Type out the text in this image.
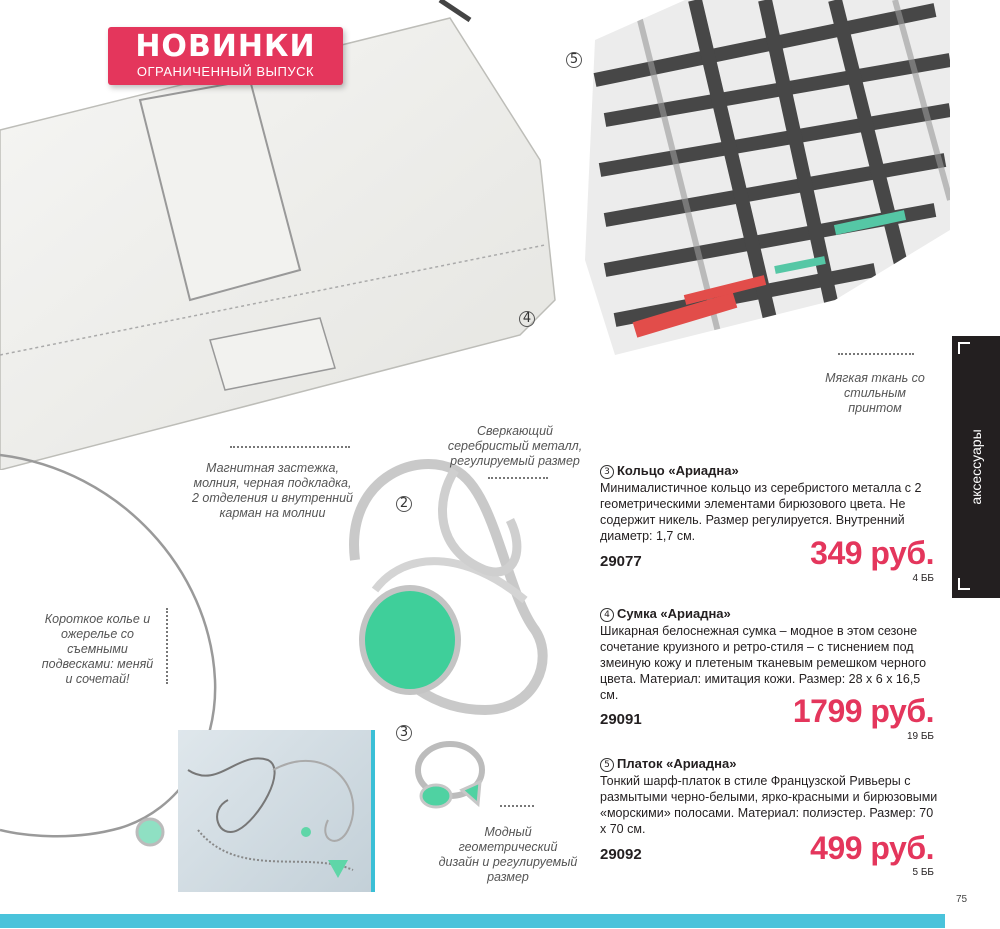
НОВИНКИ
ОГРАНИЧЕННЫЙ ВЫПУСК
5
4
2
3
Магнитная застежка, молния, черная подкладка, 2 отделения и внутренний карман на молнии
Сверкающий серебристый металл, регулируемый размер
Мягкая ткань со стильным принтом
Короткое колье и ожерелье со съемными подвесками: меняй и сочетай!
Модный геометрический дизайн и регулируемый размер
3 Кольцо «Ариадна»
Минималистичное кольцо из серебристого металла с 2 геометрическими элементами бирюзового цвета. Не содержит никель. Размер регулируется. Внутренний диаметр: 1,7 см.
29077	349 руб.
4 ББ
4 Сумка «Ариадна»
Шикарная белоснежная сумка – модное в этом сезоне сочетание круизного и ретро-стиля – с тиснением под змеиную кожу и плетеным тканевым ремешком черного цвета. Материал: имитация кожи. Размер: 28 х 6 х 16,5 см.
29091	1799 руб.
19 ББ
5 Платок «Ариадна»
Тонкий шарф-платок в стиле Французской Ривьеры с размытыми черно-белыми, ярко-красными и бирюзовыми «морскими» полосами. Материал: полиэстер. Размер: 70 х 70 см.
29092	499 руб.
5 ББ
аксессуары
75
